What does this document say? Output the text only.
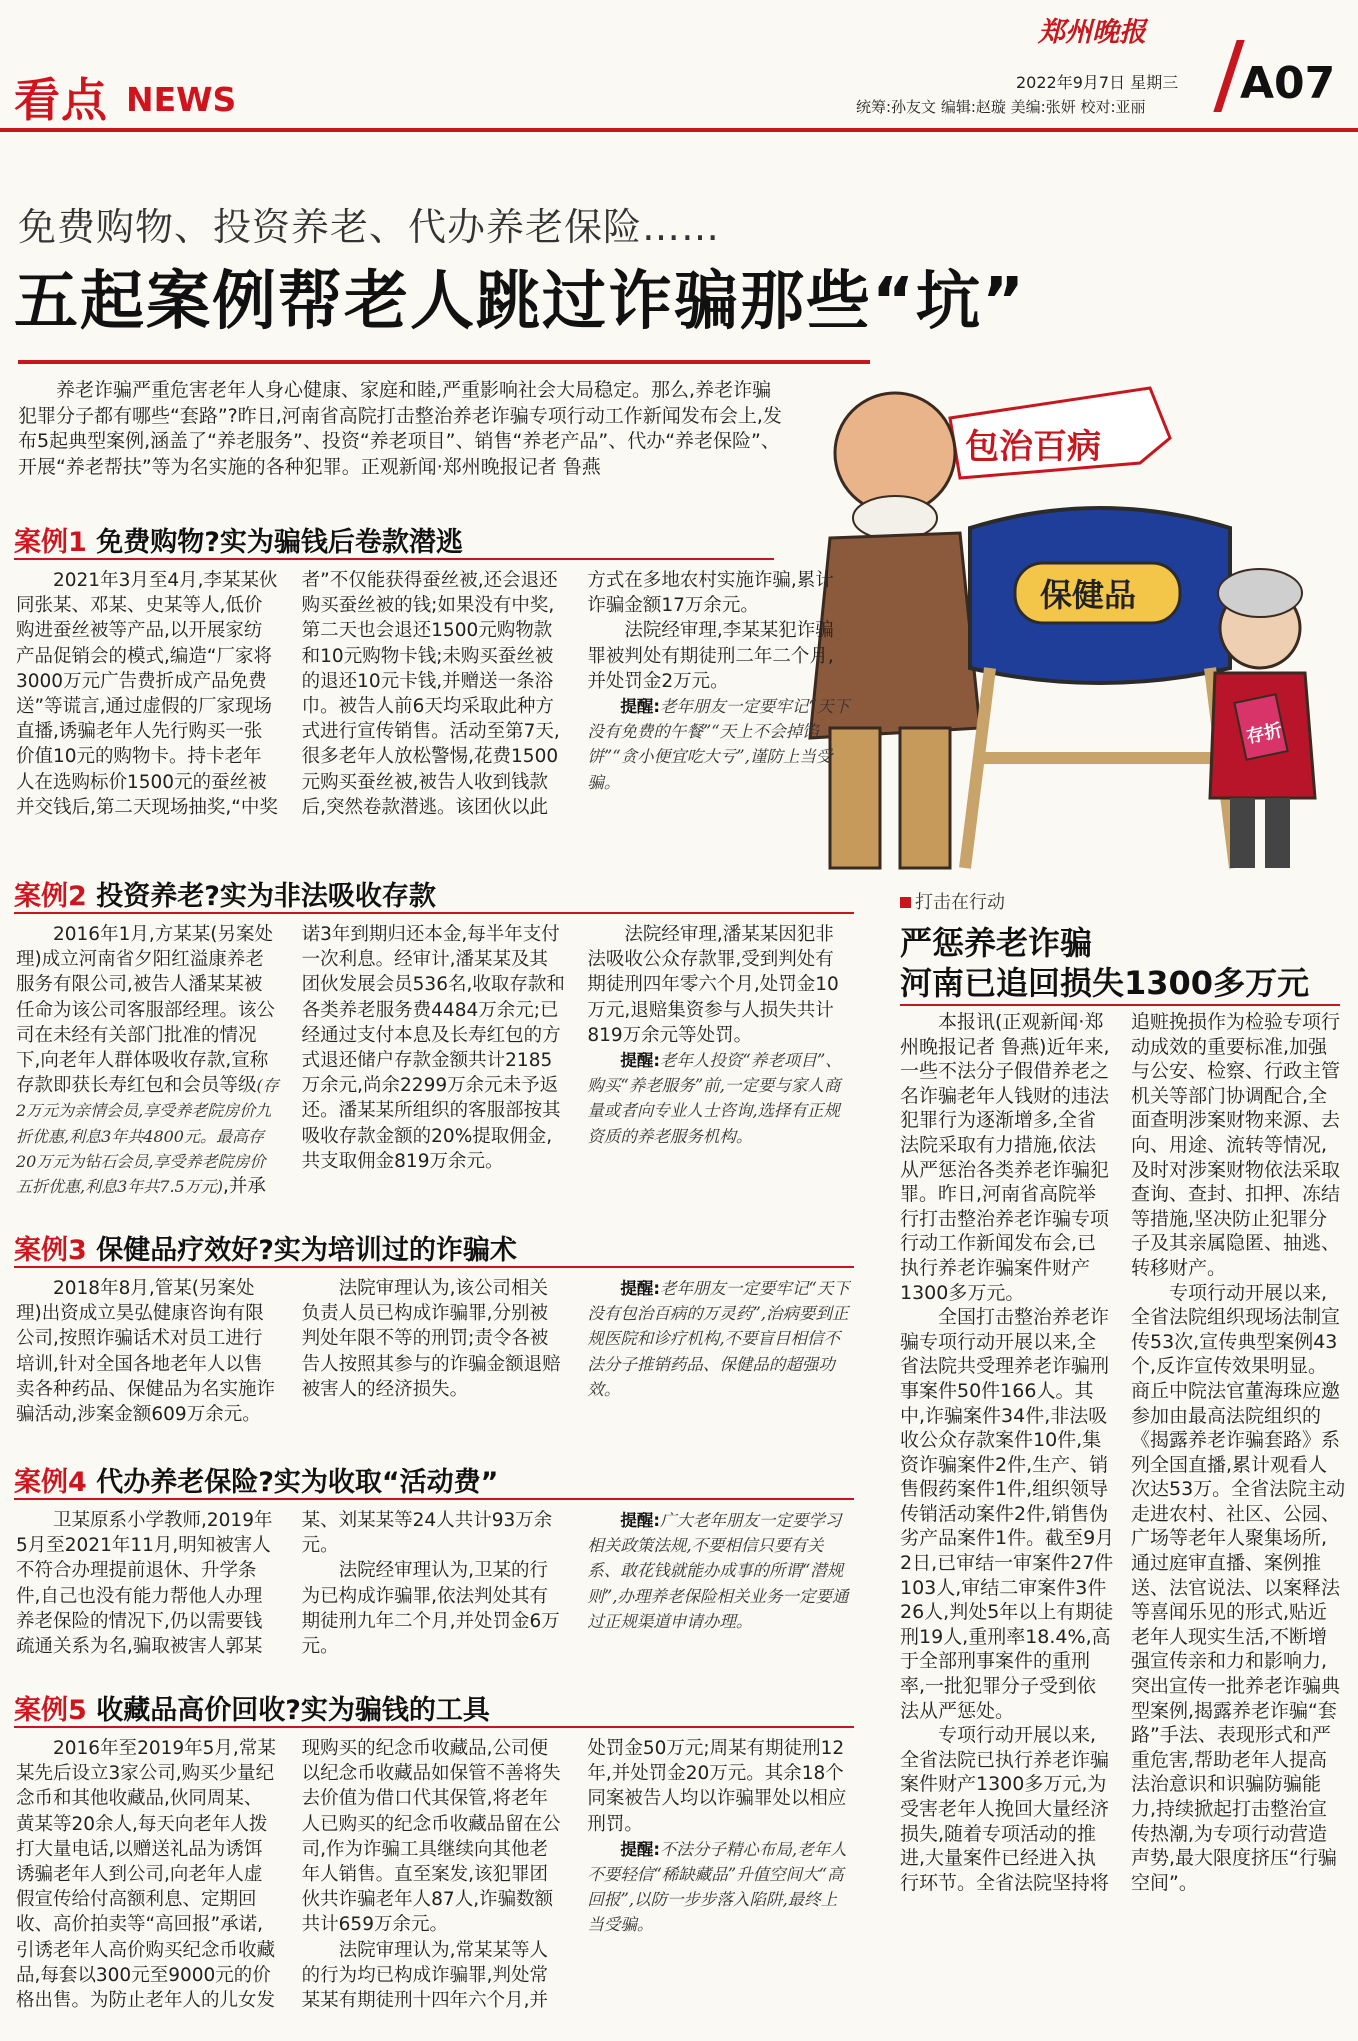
看点 NEWS
郑州晚报
2022年9月7日 星期三
统筹:孙友文 编辑:赵璇 美编:张妍 校对:亚丽 A07
免费购物、投资养老、代办养老保险……
五起案例帮老人跳过诈骗那些“坑”

养老诈骗严重危害老年人身心健康、家庭和睦,严重影响社会大局稳定。那么,养老诈骗犯罪分子都有哪些“套路”?昨日,河南省高院打击整治养老诈骗专项行动工作新闻发布会上,发布5起典型案例,涵盖了“养老服务”、投资“养老项目”、销售“养老产品”、代办“养老保险”、开展“养老帮扶”等为名实施的各种犯罪。正观新闻·郑州晚报记者 鲁燕	包治百病
保健品
存折
案例1 免费购物?实为骗钱后卷款潜逃

2021年3月至4月,李某某伙同张某、邓某、史某等人,低价购进蚕丝被等产品,以开展家纺产品促销会的模式,编造“厂家将3000万元广告费折成产品免费送”等谎言,通过虚假的厂家现场直播,诱骗老年人先行购买一张价值10元的购物卡。持卡老年人在选购标价1500元的蚕丝被并交钱后,第二天现场抽奖,“中奖者”不仅能获得蚕丝被,还会退还购买蚕丝被的钱;如果没有中奖,第二天也会退还1500元购物款和10元购物卡钱;未购买蚕丝被的退还10元卡钱,并赠送一条浴巾。被告人前6天均采取此种方式进行宣传销售。活动至第7天,很多老年人放松警惕,花费1500元购买蚕丝被,被告人收到钱款后,突然卷款潜逃。该团伙以此方式在多地农村实施诈骗,累计诈骗金额17万余元。

法院经审理,李某某犯诈骗罪被判处有期徒刑二年二个月,并处罚金2万元。

提醒:老年朋友一定要牢记“天下没有免费的午餐”“天上不会掉馅饼”“贪小便宜吃大亏”,谨防上当受骗。

案例2 投资养老?实为非法吸收存款

2016年1月,方某某(另案处理)成立河南省夕阳红溢康养老服务有限公司,被告人潘某某被任命为该公司客服部经理。该公司在未经有关部门批准的情况下,向老年人群体吸收存款,宣称存款即获长寿红包和会员等级(存2万元为亲情会员,享受养老院房价九折优惠,利息3年共4800元。最高存20万元为钻石会员,享受养老院房价五折优惠,利息3年共7.5万元),并承诺3年到期归还本金,每半年支付一次利息。经审计,潘某某及其团伙发展会员536名,收取存款和各类养老服务费4484万余元;已经通过支付本息及长寿红包的方式退还储户存款金额共计2185万余元,尚余2299万余元未予返还。潘某某所组织的客服部按其吸收存款金额的20%提取佣金,共支取佣金819万余元。

法院经审理,潘某某因犯非法吸收公众存款罪,受到判处有期徒刑四年零六个月,处罚金10万元,退赔集资参与人损失共计819万余元等处罚。

提醒:老年人投资“养老项目”、购买“养老服务”前,一定要与家人商量或者向专业人士咨询,选择有正规资质的养老服务机构。

案例3 保健品疗效好?实为培训过的诈骗术

2018年8月,管某(另案处理)出资成立昊弘健康咨询有限公司,按照诈骗话术对员工进行培训,针对全国各地老年人以售卖各种药品、保健品为名实施诈骗活动,涉案金额609万余元。

法院审理认为,该公司相关负责人员已构成诈骗罪,分别被判处年限不等的刑罚;责令各被告人按照其参与的诈骗金额退赔被害人的经济损失。

提醒:老年朋友一定要牢记“天下没有包治百病的万灵药”,治病要到正规医院和诊疗机构,不要盲目相信不法分子推销药品、保健品的超强功效。

案例4 代办养老保险?实为收取“活动费”

卫某原系小学教师,2019年5月至2021年11月,明知被害人不符合办理提前退休、升学条件,自己也没有能力帮他人办理养老保险的情况下,仍以需要钱疏通关系为名,骗取被害人郭某某、刘某某等24人共计93万余元。

法院经审理认为,卫某的行为已构成诈骗罪,依法判处其有期徒刑九年二个月,并处罚金6万元。

提醒:广大老年朋友一定要学习相关政策法规,不要相信只要有关系、敢花钱就能办成事的所谓“潜规则”,办理养老保险相关业务一定要通过正规渠道申请办理。

案例5 收藏品高价回收?实为骗钱的工具

2016年至2019年5月,常某某先后设立3家公司,购买少量纪念币和其他收藏品,伙同周某、黄某等20余人,每天向老年人拨打大量电话,以赠送礼品为诱饵诱骗老年人到公司,向老年人虚假宣传给付高额利息、定期回收、高价拍卖等“高回报”承诺,引诱老年人高价购买纪念币收藏品,每套以300元至9000元的价格出售。为防止老年人的儿女发现购买的纪念币收藏品,公司便以纪念币收藏品如保管不善将失去价值为借口代其保管,将老年人已购买的纪念币收藏品留在公司,作为诈骗工具继续向其他老年人销售。直至案发,该犯罪团伙共诈骗老年人87人,诈骗数额共计659万余元。

法院审理认为,常某某等人的行为均已构成诈骗罪,判处常某某有期徒刑十四年六个月,并处罚金50万元;周某有期徒刑12年,并处罚金20万元。其余18个同案被告人均以诈骗罪处以相应刑罚。

提醒:不法分子精心布局,老年人不要轻信“稀缺藏品”升值空间大“高回报”,以防一步步落入陷阱,最终上当受骗。

打击在行动
严惩养老诈骗
河南已追回损失1300多万元

本报讯(正观新闻·郑州晚报记者 鲁燕)近年来,一些不法分子假借养老之名诈骗老年人钱财的违法犯罪行为逐渐增多,全省法院采取有力措施,依法从严惩治各类养老诈骗犯罪。昨日,河南省高院举行打击整治养老诈骗专项行动工作新闻发布会,已执行养老诈骗案件财产1300多万元。

全国打击整治养老诈骗专项行动开展以来,全省法院共受理养老诈骗刑事案件50件166人。其中,诈骗案件34件,非法吸收公众存款案件10件,集资诈骗案件2件,生产、销售假药案件1件,组织领导传销活动案件2件,销售伪劣产品案件1件。截至9月2日,已审结一审案件27件103人,审结二审案件3件26人,判处5年以上有期徒刑19人,重刑率18.4%,高于全部刑事案件的重刑率,一批犯罪分子受到依法从严惩处。

专项行动开展以来,全省法院已执行养老诈骗案件财产1300多万元,为受害老年人挽回大量经济损失,随着专项活动的推进,大量案件已经进入执行环节。全省法院坚持将追赃挽损作为检验专项行动成效的重要标准,加强与公安、检察、行政主管机关等部门协调配合,全面查明涉案财物来源、去向、用途、流转等情况,及时对涉案财物依法采取查询、查封、扣押、冻结等措施,坚决防止犯罪分子及其亲属隐匿、抽逃、转移财产。

专项行动开展以来,全省法院组织现场法制宣传53次,宣传典型案例43个,反诈宣传效果明显。商丘中院法官董海珠应邀参加由最高法院组织的《揭露养老诈骗套路》系列全国直播,累计观看人次达53万。全省法院主动走进农村、社区、公园、广场等老年人聚集场所,通过庭审直播、案例推送、法官说法、以案释法等喜闻乐见的形式,贴近老年人现实生活,不断增强宣传亲和力和影响力,突出宣传一批养老诈骗典型案例,揭露养老诈骗“套路”手法、表现形式和严重危害,帮助老年人提高法治意识和识骗防骗能力,持续掀起打击整治宣传热潮,为专项行动营造声势,最大限度挤压“行骗空间”。
